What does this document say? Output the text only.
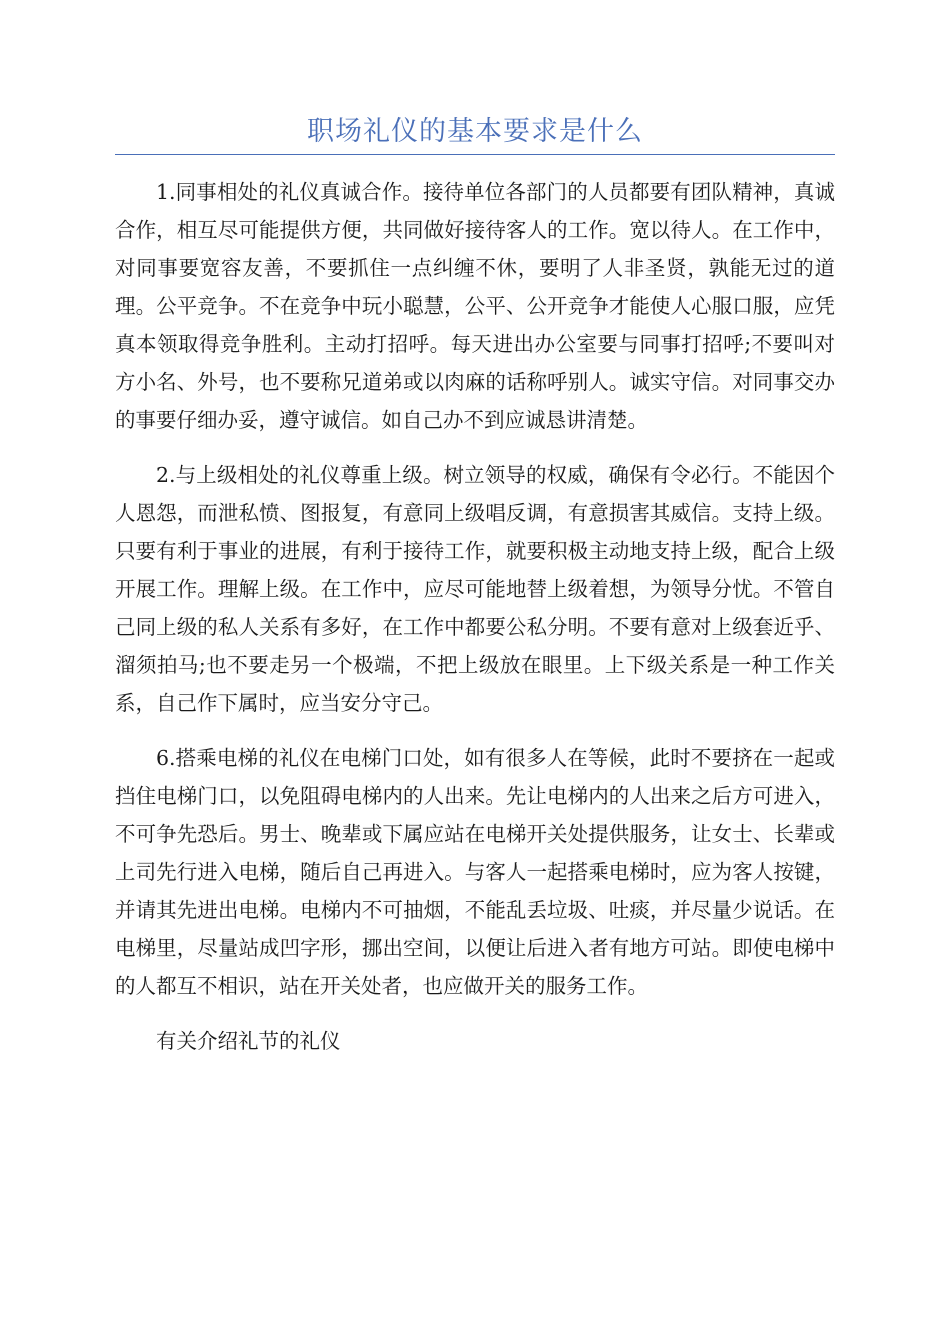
职场礼仪的基本要求是什么

1.同事相处的礼仪真诚合作。接待单位各部门的人员都要有团队精神，真诚合作，相互尽可能提供方便，共同做好接待客人的工作。宽以待人。在工作中，对同事要宽容友善，不要抓住一点纠缠不休，要明了人非圣贤，孰能无过的道理。公平竞争。不在竞争中玩小聪慧，公平、公开竞争才能使人心服口服，应凭真本领取得竞争胜利。主动打招呼。每天进出办公室要与同事打招呼;不要叫对方小名、外号，也不要称兄道弟或以肉麻的话称呼别人。诚实守信。对同事交办的事要仔细办妥，遵守诚信。如自己办不到应诚恳讲清楚。

2.与上级相处的礼仪尊重上级。树立领导的权威，确保有令必行。不能因个人恩怨，而泄私愤、图报复，有意同上级唱反调，有意损害其威信。支持上级。只要有利于事业的进展，有利于接待工作，就要积极主动地支持上级，配合上级开展工作。理解上级。在工作中，应尽可能地替上级着想，为领导分忧。不管自己同上级的私人关系有多好，在工作中都要公私分明。不要有意对上级套近乎、溜须拍马;也不要走另一个极端，不把上级放在眼里。上下级关系是一种工作关系，自己作下属时，应当安分守己。

6.搭乘电梯的礼仪在电梯门口处，如有很多人在等候，此时不要挤在一起或挡住电梯门口，以免阻碍电梯内的人出来。先让电梯内的人出来之后方可进入，不可争先恐后。男士、晚辈或下属应站在电梯开关处提供服务，让女士、长辈或上司先行进入电梯，随后自己再进入。与客人一起搭乘电梯时，应为客人按键，并请其先进出电梯。电梯内不可抽烟，不能乱丢垃圾、吐痰，并尽量少说话。在电梯里，尽量站成凹字形，挪出空间，以便让后进入者有地方可站。即使电梯中的人都互不相识，站在开关处者，也应做开关的服务工作。

有关介绍礼节的礼仪
